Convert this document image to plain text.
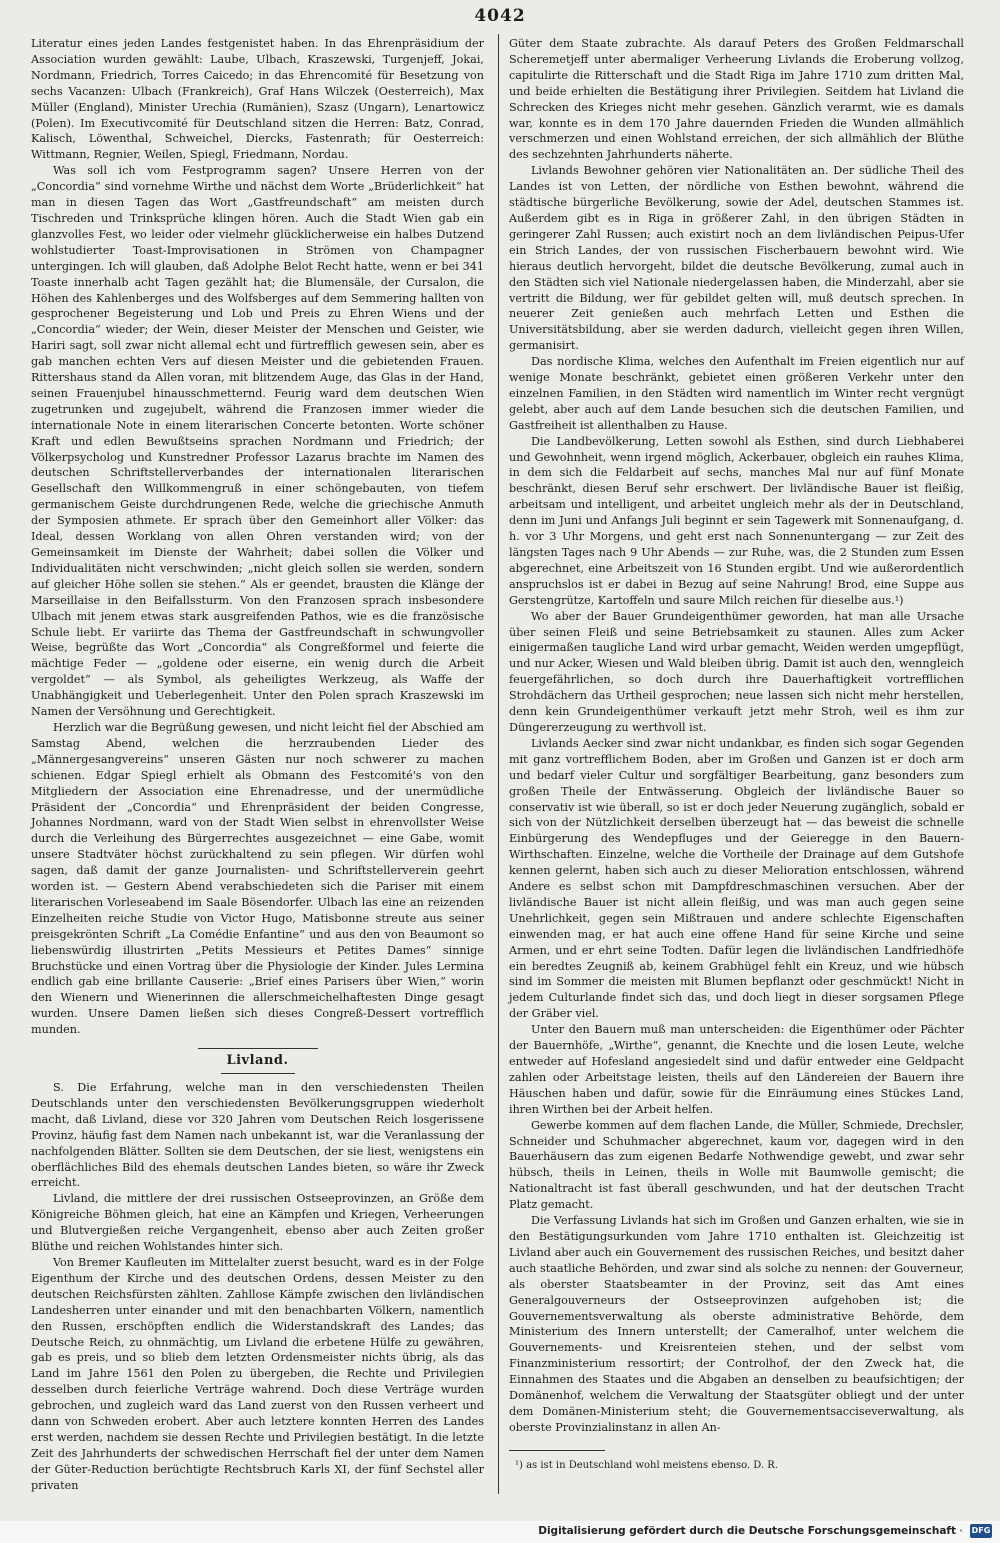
4042

Literatur eines jeden Landes festgenistet haben. In das Ehrenpräsidium der Association wurden gewählt: Laube, Ulbach, Kraszewski, Turgenjeff, Jokai, Nordmann, Friedrich, Torres Caicedo; in das Ehrencomité für Besetzung von sechs Vacanzen: Ulbach (Frankreich), Graf Hans Wilczek (Oesterreich), Max Müller (England), Minister Urechia (Rumänien), Szasz (Ungarn), Lenartowicz (Polen). Im Executivcomité für Deutschland sitzen die Herren: Batz, Conrad, Kalisch, Löwenthal, Schweichel, Diercks, Fastenrath; für Oesterreich: Wittmann, Regnier, Weilen, Spiegl, Friedmann, Nordau.

Was soll ich vom Festprogramm sagen? Unsere Herren von der „Concordia“ sind vornehme Wirthe und nächst dem Worte „Brüderlichkeit“ hat man in diesen Tagen das Wort „Gastfreundschaft“ am meisten durch Tischreden und Trinksprüche klingen hören. Auch die Stadt Wien gab ein glanzvolles Fest, wo leider oder vielmehr glücklicherweise ein halbes Dutzend wohlstudierter Toast-Improvisationen in Strömen von Champagner untergingen. Ich will glauben, daß Adolphe Belot Recht hatte, wenn er bei 341 Toaste innerhalb acht Tagen gezählt hat; die Blumensäle, der Cursalon, die Höhen des Kahlenberges und des Wolfsberges auf dem Semmering hallten von gesprochener Begeisterung und Lob und Preis zu Ehren Wiens und der „Concordia“ wieder; der Wein, dieser Meister der Menschen und Geister, wie Hariri sagt, soll zwar nicht allemal echt und fürtrefflich gewesen sein, aber es gab manchen echten Vers auf diesen Meister und die gebietenden Frauen. Rittershaus stand da Allen voran, mit blitzendem Auge, das Glas in der Hand, seinen Frauenjubel hinausschmetternd. Feurig ward dem deutschen Wien zugetrunken und zugejubelt, während die Franzosen immer wieder die internationale Note in einem literarischen Concerte betonten. Worte schöner Kraft und edlen Bewußtseins sprachen Nordmann und Friedrich; der Völkerpsycholog und Kunstredner Professor Lazarus brachte im Namen des deutschen Schriftstellerverbandes der internationalen literarischen Gesellschaft den Willkommengruß in einer schöngebauten, von tiefem germanischem Geiste durchdrungenen Rede, welche die griechische Anmuth der Symposien athmete. Er sprach über den Gemeinhort aller Völker: das Ideal, dessen Worklang von allen Ohren verstanden wird; von der Gemeinsamkeit im Dienste der Wahrheit; dabei sollen die Völker und Individualitäten nicht verschwinden; „nicht gleich sollen sie werden, sondern auf gleicher Höhe sollen sie stehen.“ Als er geendet, brausten die Klänge der Marseillaise in den Beifallssturm. Von den Franzosen sprach insbesondere Ulbach mit jenem etwas stark ausgreifenden Pathos, wie es die französische Schule liebt. Er variirte das Thema der Gastfreundschaft in schwungvoller Weise, begrüßte das Wort „Concordia“ als Congreßformel und feierte die mächtige Feder — „goldene oder eiserne, ein wenig durch die Arbeit vergoldet“ — als Symbol, als geheiligtes Werkzeug, als Waffe der Unabhängigkeit und Ueberlegenheit. Unter den Polen sprach Kraszewski im Namen der Versöhnung und Gerechtigkeit.

Herzlich war die Begrüßung gewesen, und nicht leicht fiel der Abschied am Samstag Abend, welchen die herzraubenden Lieder des „Männergesangvereins“ unseren Gästen nur noch schwerer zu machen schienen. Edgar Spiegl erhielt als Obmann des Festcomité's von den Mitgliedern der Association eine Ehrenadresse, und der unermüdliche Präsident der „Concordia“ und Ehrenpräsident der beiden Congresse, Johannes Nordmann, ward von der Stadt Wien selbst in ehrenvollster Weise durch die Verleihung des Bürgerrechtes ausgezeichnet — eine Gabe, womit unsere Stadtväter höchst zurückhaltend zu sein pflegen. Wir dürfen wohl sagen, daß damit der ganze Journalisten- und Schriftstellerverein geehrt worden ist. — Gestern Abend verabschiedeten sich die Pariser mit einem literarischen Vorleseabend im Saale Bösendorfer. Ulbach las eine an reizenden Einzelheiten reiche Studie von Victor Hugo, Matisbonne streute aus seiner preisgekrönten Schrift „La Comédie Enfantine“ und aus den von Beaumont so liebenswürdig illustrirten „Petits Messieurs et Petites Dames“ sinnige Bruchstücke und einen Vortrag über die Physiologie der Kinder. Jules Lermina endlich gab eine brillante Causerie: „Brief eines Parisers über Wien,“ worin den Wienern und Wienerinnen die allerschmeichelhaftesten Dinge gesagt wurden. Unsere Damen ließen sich dieses Congreß-Dessert vortrefflich munden.

Livland.

S. Die Erfahrung, welche man in den verschiedensten Theilen Deutschlands unter den verschiedensten Bevölkerungsgruppen wiederholt macht, daß Livland, diese vor 320 Jahren vom Deutschen Reich losgerissene Provinz, häufig fast dem Namen nach unbekannt ist, war die Veranlassung der nachfolgenden Blätter. Sollten sie dem Deutschen, der sie liest, wenigstens ein oberflächliches Bild des ehemals deutschen Landes bieten, so wäre ihr Zweck erreicht.

Livland, die mittlere der drei russischen Ostseeprovinzen, an Größe dem Königreiche Böhmen gleich, hat eine an Kämpfen und Kriegen, Verheerungen und Blutvergießen reiche Vergangenheit, ebenso aber auch Zeiten großer Blüthe und reichen Wohlstandes hinter sich.

Von Bremer Kaufleuten im Mittelalter zuerst besucht, ward es in der Folge Eigenthum der Kirche und des deutschen Ordens, dessen Meister zu den deutschen Reichsfürsten zählten. Zahllose Kämpfe zwischen den livländischen Landesherren unter einander und mit den benachbarten Völkern, namentlich den Russen, erschöpften endlich die Widerstandskraft des Landes; das Deutsche Reich, zu ohnmächtig, um Livland die erbetene Hülfe zu gewähren, gab es preis, und so blieb dem letzten Ordensmeister nichts übrig, als das Land im Jahre 1561 den Polen zu übergeben, die Rechte und Privilegien desselben durch feierliche Verträge wahrend. Doch diese Verträge wurden gebrochen, und zugleich ward das Land zuerst von den Russen verheert und dann von Schweden erobert. Aber auch letztere konnten Herren des Landes erst werden, nachdem sie dessen Rechte und Privilegien bestätigt. In die letzte Zeit des Jahrhunderts der schwedischen Herrschaft fiel der unter dem Namen der Güter-Reduction berüchtigte Rechtsbruch Karls XI, der fünf Sechstel aller privaten

Güter dem Staate zubrachte. Als darauf Peters des Großen Feldmarschall Scheremetjeff unter abermaliger Verheerung Livlands die Eroberung vollzog, capitulirte die Ritterschaft und die Stadt Riga im Jahre 1710 zum dritten Mal, und beide erhielten die Bestätigung ihrer Privilegien. Seitdem hat Livland die Schrecken des Krieges nicht mehr gesehen. Gänzlich verarmt, wie es damals war, konnte es in dem 170 Jahre dauernden Frieden die Wunden allmählich verschmerzen und einen Wohlstand erreichen, der sich allmählich der Blüthe des sechzehnten Jahrhunderts näherte.

Livlands Bewohner gehören vier Nationalitäten an. Der südliche Theil des Landes ist von Letten, der nördliche von Esthen bewohnt, während die städtische bürgerliche Bevölkerung, sowie der Adel, deutschen Stammes ist. Außerdem gibt es in Riga in größerer Zahl, in den übrigen Städten in geringerer Zahl Russen; auch existirt noch an dem livländischen Peipus-Ufer ein Strich Landes, der von russischen Fischerbauern bewohnt wird. Wie hieraus deutlich hervorgeht, bildet die deutsche Bevölkerung, zumal auch in den Städten sich viel Nationale niedergelassen haben, die Minderzahl, aber sie vertritt die Bildung, wer für gebildet gelten will, muß deutsch sprechen. In neuerer Zeit genießen auch mehrfach Letten und Esthen die Universitätsbildung, aber sie werden dadurch, vielleicht gegen ihren Willen, germanisirt.

Das nordische Klima, welches den Aufenthalt im Freien eigentlich nur auf wenige Monate beschränkt, gebietet einen größeren Verkehr unter den einzelnen Familien, in den Städten wird namentlich im Winter recht vergnügt gelebt, aber auch auf dem Lande besuchen sich die deutschen Familien, und Gastfreiheit ist allenthalben zu Hause.

Die Landbevölkerung, Letten sowohl als Esthen, sind durch Liebhaberei und Gewohnheit, wenn irgend möglich, Ackerbauer, obgleich ein rauhes Klima, in dem sich die Feldarbeit auf sechs, manches Mal nur auf fünf Monate beschränkt, diesen Beruf sehr erschwert. Der livländische Bauer ist fleißig, arbeitsam und intelligent, und arbeitet ungleich mehr als der in Deutschland, denn im Juni und Anfangs Juli beginnt er sein Tagewerk mit Sonnenaufgang, d. h. vor 3 Uhr Morgens, und geht erst nach Sonnenuntergang — zur Zeit des längsten Tages nach 9 Uhr Abends — zur Ruhe, was, die 2 Stunden zum Essen abgerechnet, eine Arbeitszeit von 16 Stunden ergibt. Und wie außerordentlich anspruchslos ist er dabei in Bezug auf seine Nahrung! Brod, eine Suppe aus Gerstengrütze, Kartoffeln und saure Milch reichen für dieselbe aus.¹)

Wo aber der Bauer Grundeigenthümer geworden, hat man alle Ursache über seinen Fleiß und seine Betriebsamkeit zu staunen. Alles zum Acker einigermaßen taugliche Land wird urbar gemacht, Weiden werden umgepflügt, und nur Acker, Wiesen und Wald bleiben übrig. Damit ist auch den, wenngleich feuergefährlichen, so doch durch ihre Dauerhaftigkeit vortrefflichen Strohdächern das Urtheil gesprochen; neue lassen sich nicht mehr herstellen, denn kein Grundeigenthümer verkauft jetzt mehr Stroh, weil es ihm zur Düngererzeugung zu werthvoll ist.

Livlands Aecker sind zwar nicht undankbar, es finden sich sogar Gegenden mit ganz vortrefflichem Boden, aber im Großen und Ganzen ist er doch arm und bedarf vieler Cultur und sorgfältiger Bearbeitung, ganz besonders zum großen Theile der Entwässerung. Obgleich der livländische Bauer so conservativ ist wie überall, so ist er doch jeder Neuerung zugänglich, sobald er sich von der Nützlichkeit derselben überzeugt hat — das beweist die schnelle Einbürgerung des Wendepfluges und der Geieregge in den Bauern-Wirthschaften. Einzelne, welche die Vortheile der Drainage auf dem Gutshofe kennen gelernt, haben sich auch zu dieser Melioration entschlossen, während Andere es selbst schon mit Dampfdreschmaschinen versuchen. Aber der livländische Bauer ist nicht allein fleißig, und was man auch gegen seine Unehrlichkeit, gegen sein Mißtrauen und andere schlechte Eigenschaften einwenden mag, er hat auch eine offene Hand für seine Kirche und seine Armen, und er ehrt seine Todten. Dafür legen die livländischen Landfriedhöfe ein beredtes Zeugniß ab, keinem Grabhügel fehlt ein Kreuz, und wie hübsch sind im Sommer die meisten mit Blumen bepflanzt oder geschmückt! Nicht in jedem Culturlande findet sich das, und doch liegt in dieser sorgsamen Pflege der Gräber viel.

Unter den Bauern muß man unterscheiden: die Eigenthümer oder Pächter der Bauernhöfe, „Wirthe“, genannt, die Knechte und die losen Leute, welche entweder auf Hofesland angesiedelt sind und dafür entweder eine Geldpacht zahlen oder Arbeitstage leisten, theils auf den Ländereien der Bauern ihre Häuschen haben und dafür, sowie für die Einräumung eines Stückes Land, ihren Wirthen bei der Arbeit helfen.

Gewerbe kommen auf dem flachen Lande, die Müller, Schmiede, Drechsler, Schneider und Schuhmacher abgerechnet, kaum vor, dagegen wird in den Bauerhäusern das zum eigenen Bedarfe Nothwendige gewebt, und zwar sehr hübsch, theils in Leinen, theils in Wolle mit Baumwolle gemischt; die Nationaltracht ist fast überall geschwunden, und hat der deutschen Tracht Platz gemacht.

Die Verfassung Livlands hat sich im Großen und Ganzen erhalten, wie sie in den Bestätigungsurkunden vom Jahre 1710 enthalten ist. Gleichzeitig ist Livland aber auch ein Gouvernement des russischen Reiches, und besitzt daher auch staatliche Behörden, und zwar sind als solche zu nennen: der Gouverneur, als oberster Staatsbeamter in der Provinz, seit das Amt eines Generalgouverneurs der Ostseeprovinzen aufgehoben ist; die Gouvernementsverwaltung als oberste administrative Behörde, dem Ministerium des Innern unterstellt; der Cameralhof, unter welchem die Gouvernements- und Kreisrenteien stehen, und der selbst vom Finanzministerium ressortirt; der Controlhof, der den Zweck hat, die Einnahmen des Staates und die Abgaben an denselben zu beaufsichtigen; der Domänenhof, welchem die Verwaltung der Staatsgüter obliegt und der unter dem Domänen-Ministerium steht; die Gouvernementsacciseverwaltung, als oberste Provinzialinstanz in allen An-

¹) as ist in Deutschland wohl meistens ebenso. D. R.
Digitalisierung gefördert durch die Deutsche Forschungsgemeinschaft ·	DFG
